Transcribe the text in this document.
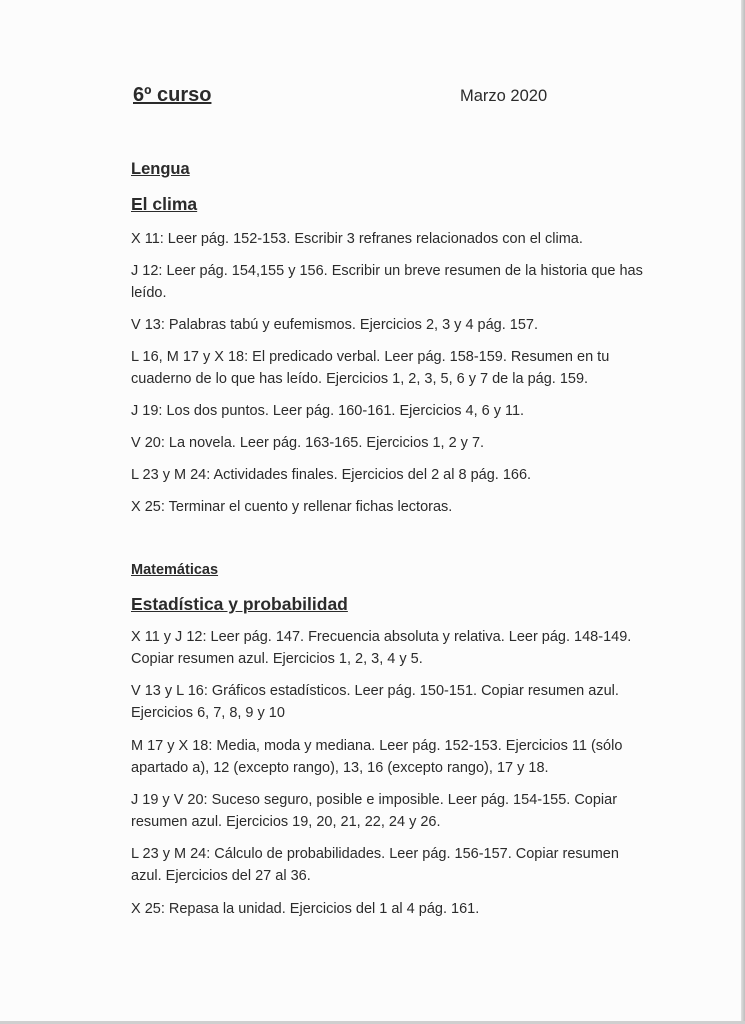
6º curso	Marzo 2020
Lengua
El clima

X 11: Leer pág. 152-153. Escribir 3 refranes relacionados con el clima.

J 12: Leer pág. 154,155 y 156. Escribir un breve resumen de la historia que has leído.

V 13: Palabras tabú y eufemismos. Ejercicios 2, 3 y 4 pág. 157.

L 16, M 17 y X 18: El predicado verbal. Leer pág. 158-159. Resumen en tu cuaderno de lo que has leído. Ejercicios 1, 2, 3, 5, 6 y 7 de la pág. 159.

J 19: Los dos puntos. Leer pág. 160-161. Ejercicios 4, 6 y 11.

V 20: La novela. Leer pág. 163-165. Ejercicios 1, 2 y 7.

L 23 y M 24: Actividades finales. Ejercicios del 2 al 8 pág. 166.

X 25: Terminar el cuento y rellenar fichas lectoras.

Matemáticas
Estadística y probabilidad

X 11 y J 12: Leer pág. 147. Frecuencia absoluta y relativa. Leer pág. 148-149. Copiar resumen azul. Ejercicios 1, 2, 3, 4 y 5.

V 13 y L 16: Gráficos estadísticos. Leer pág. 150-151. Copiar resumen azul. Ejercicios 6, 7, 8, 9 y 10

M 17 y X 18: Media, moda y mediana. Leer pág. 152-153. Ejercicios 11 (sólo apartado a), 12 (excepto rango), 13, 16 (excepto rango), 17 y 18.

J 19 y V 20: Suceso seguro, posible e imposible. Leer pág. 154-155. Copiar resumen azul. Ejercicios 19, 20, 21, 22, 24 y 26.

L 23 y M 24: Cálculo de probabilidades. Leer pág. 156-157. Copiar resumen azul. Ejercicios del 27 al 36.

X 25: Repasa la unidad. Ejercicios del 1 al 4 pág. 161.
